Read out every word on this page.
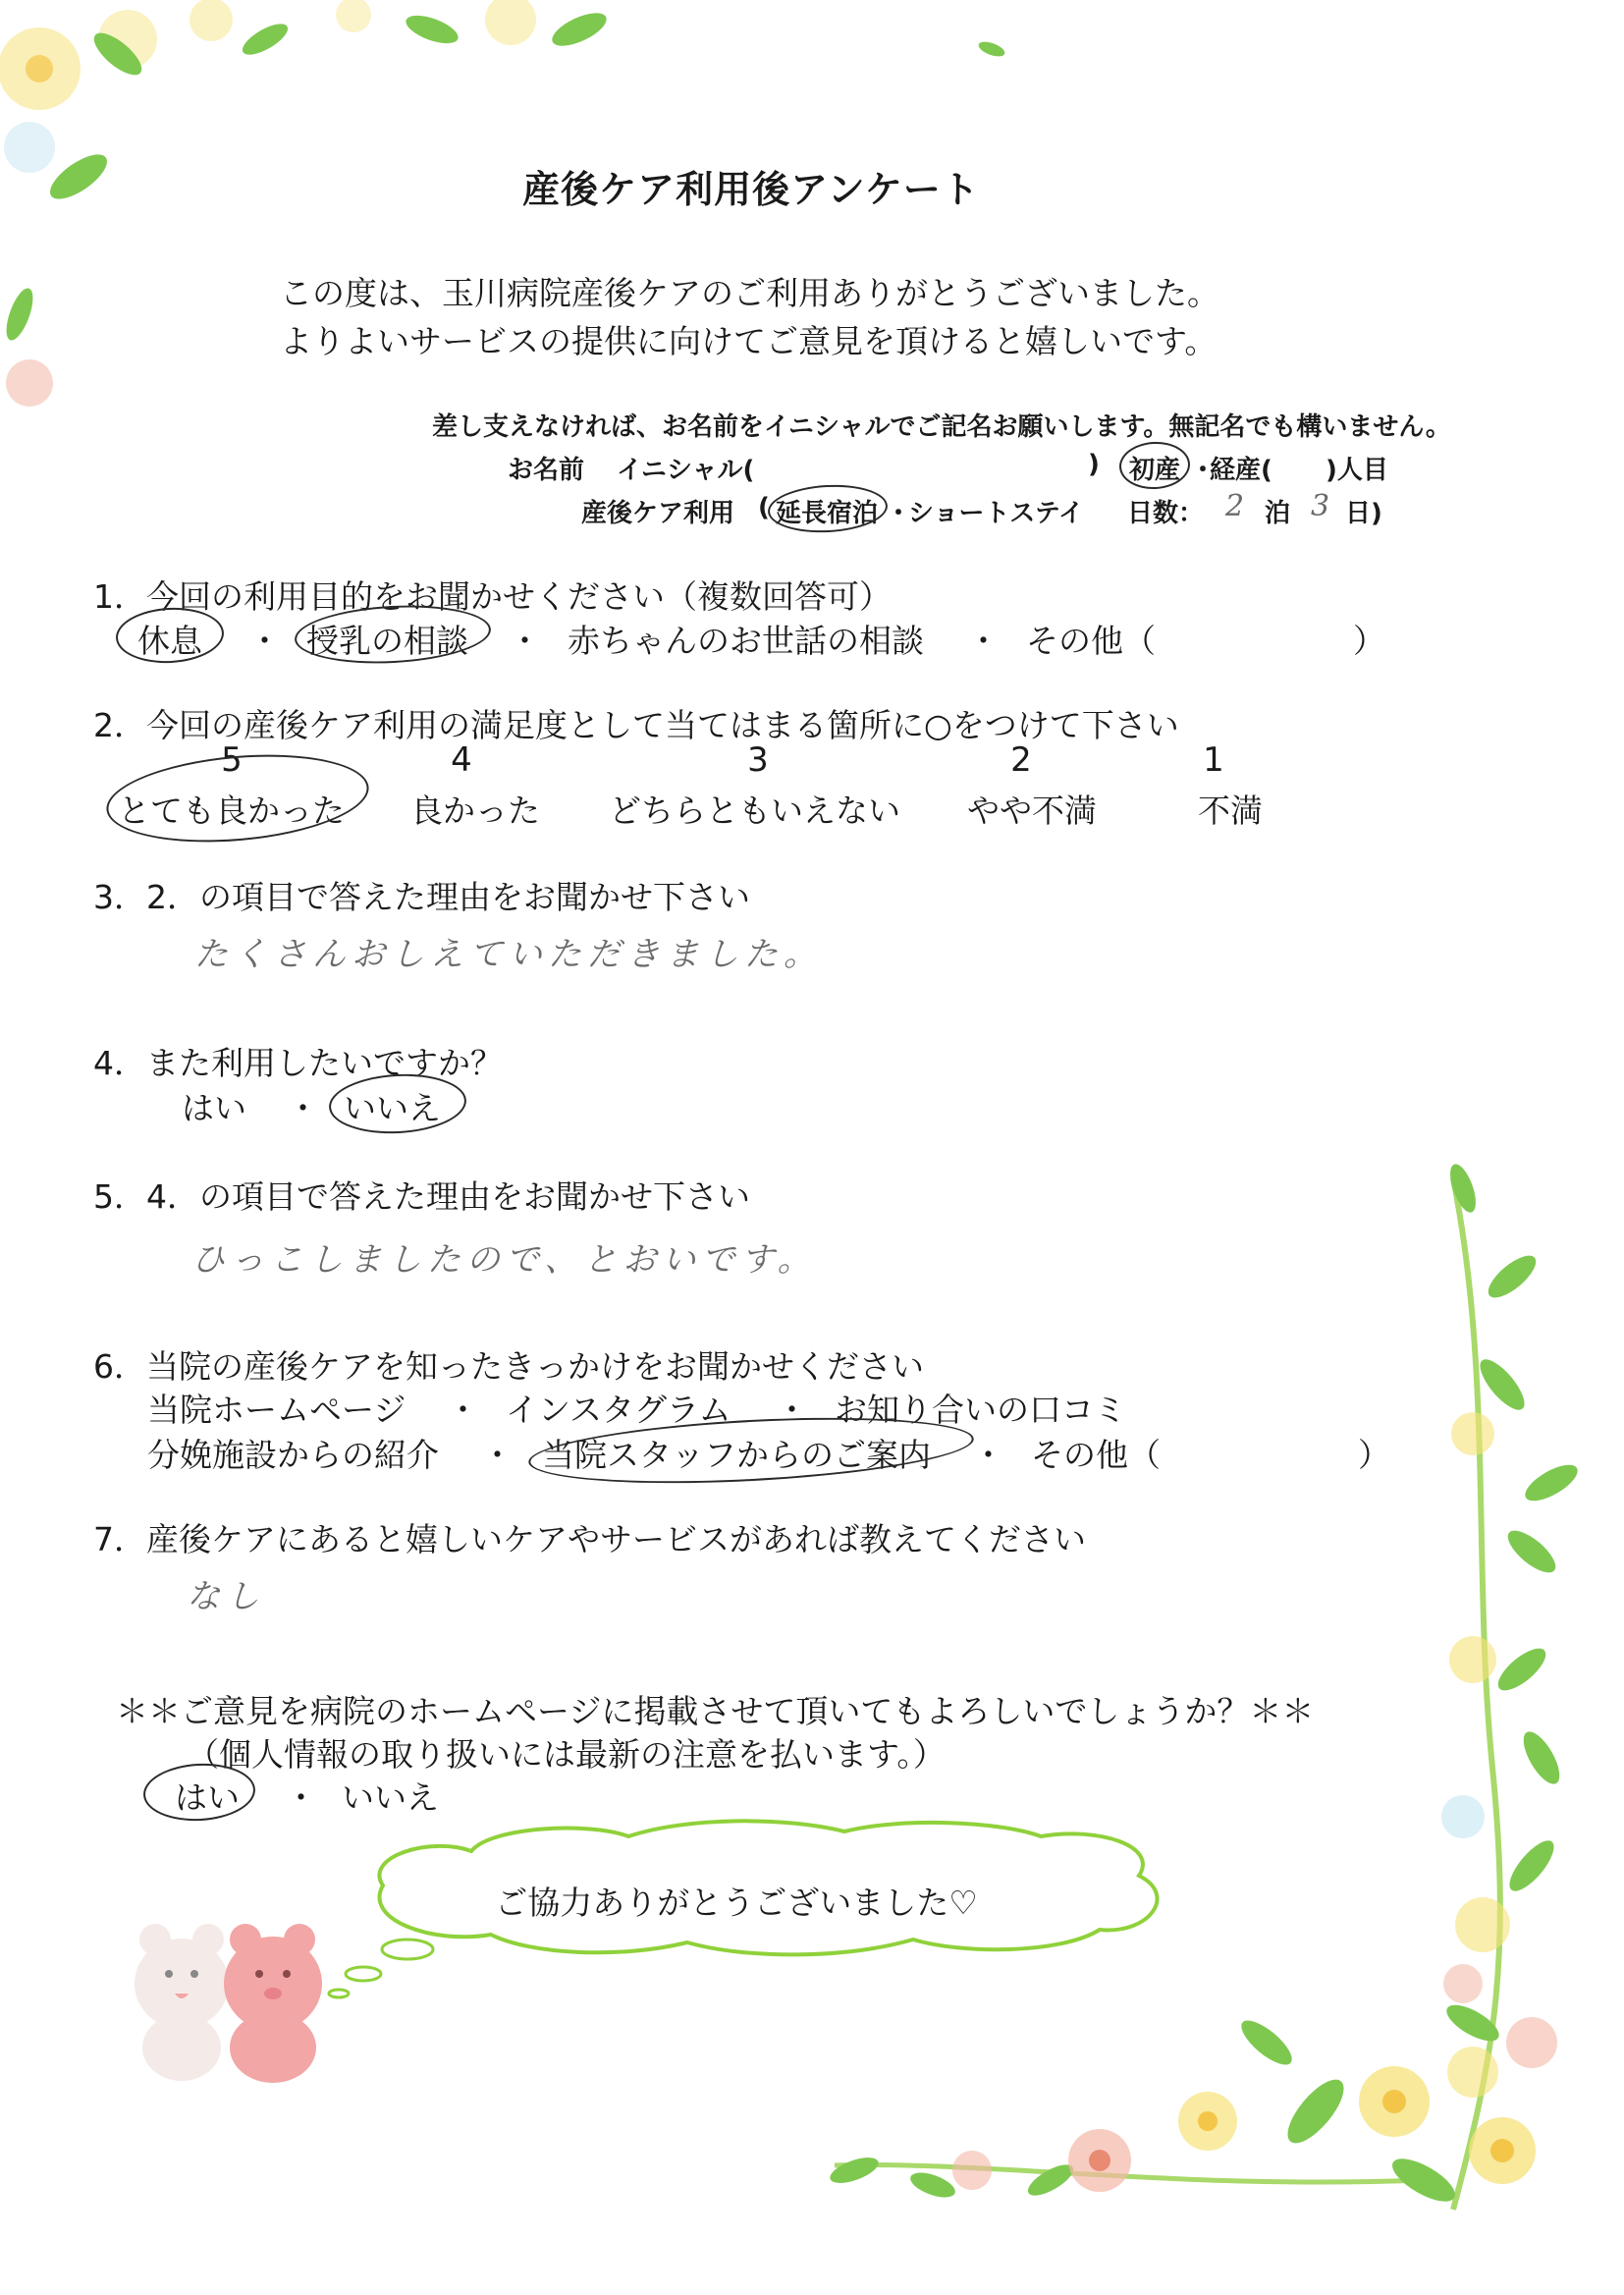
産後ケア利用後アンケート
この度は、玉川病院産後ケアのご利用ありがとうございました。
よりよいサービスの提供に向けてご意見を頂けると嬉しいです。
差し支えなければ、お名前をイニシャルでご記名お願いします。無記名でも構いません。
お名前 イニシャル(	) 初産 ・
経産( )人目
産後ケア利用 ( 延長宿泊 ・
ショートステイ 日数： 2 泊 3 日)
1．今回の利用目的をお聞かせください（複数回答可）
休息 ・ 授乳の相談 ・ 赤ちゃんのお世話の相談 ・ その他（	）
2．今回の産後ケア利用の満足度として当てはまる箇所に○をつけて下さい
5
とても良かった
4
良かった
3
どちらともいえない
2
やや不満
1
不満
3．2．の項目で答えた理由をお聞かせ下さい
たくさんおしえていただきました。
4．また利用したいですか？
はい ・ いいえ
5．4．の項目で答えた理由をお聞かせ下さい
ひっこしましたので、とおいです。
6．当院の産後ケアを知ったきっかけをお聞かせください
当院ホームページ ・ インスタグラム ・ お知り合いの口コミ
分娩施設からの紹介 ・ 当院スタッフからのご案内 ・ その他（	）
7．産後ケアにあると嬉しいケアやサービスがあれば教えてください
なし
＊＊ご意見を病院のホームページに掲載させて頂いてもよろしいでしょうか？＊＊
（個人情報の取り扱いには最新の注意を払います。）
はい ・ いいえ
ご協力ありがとうございました♡
